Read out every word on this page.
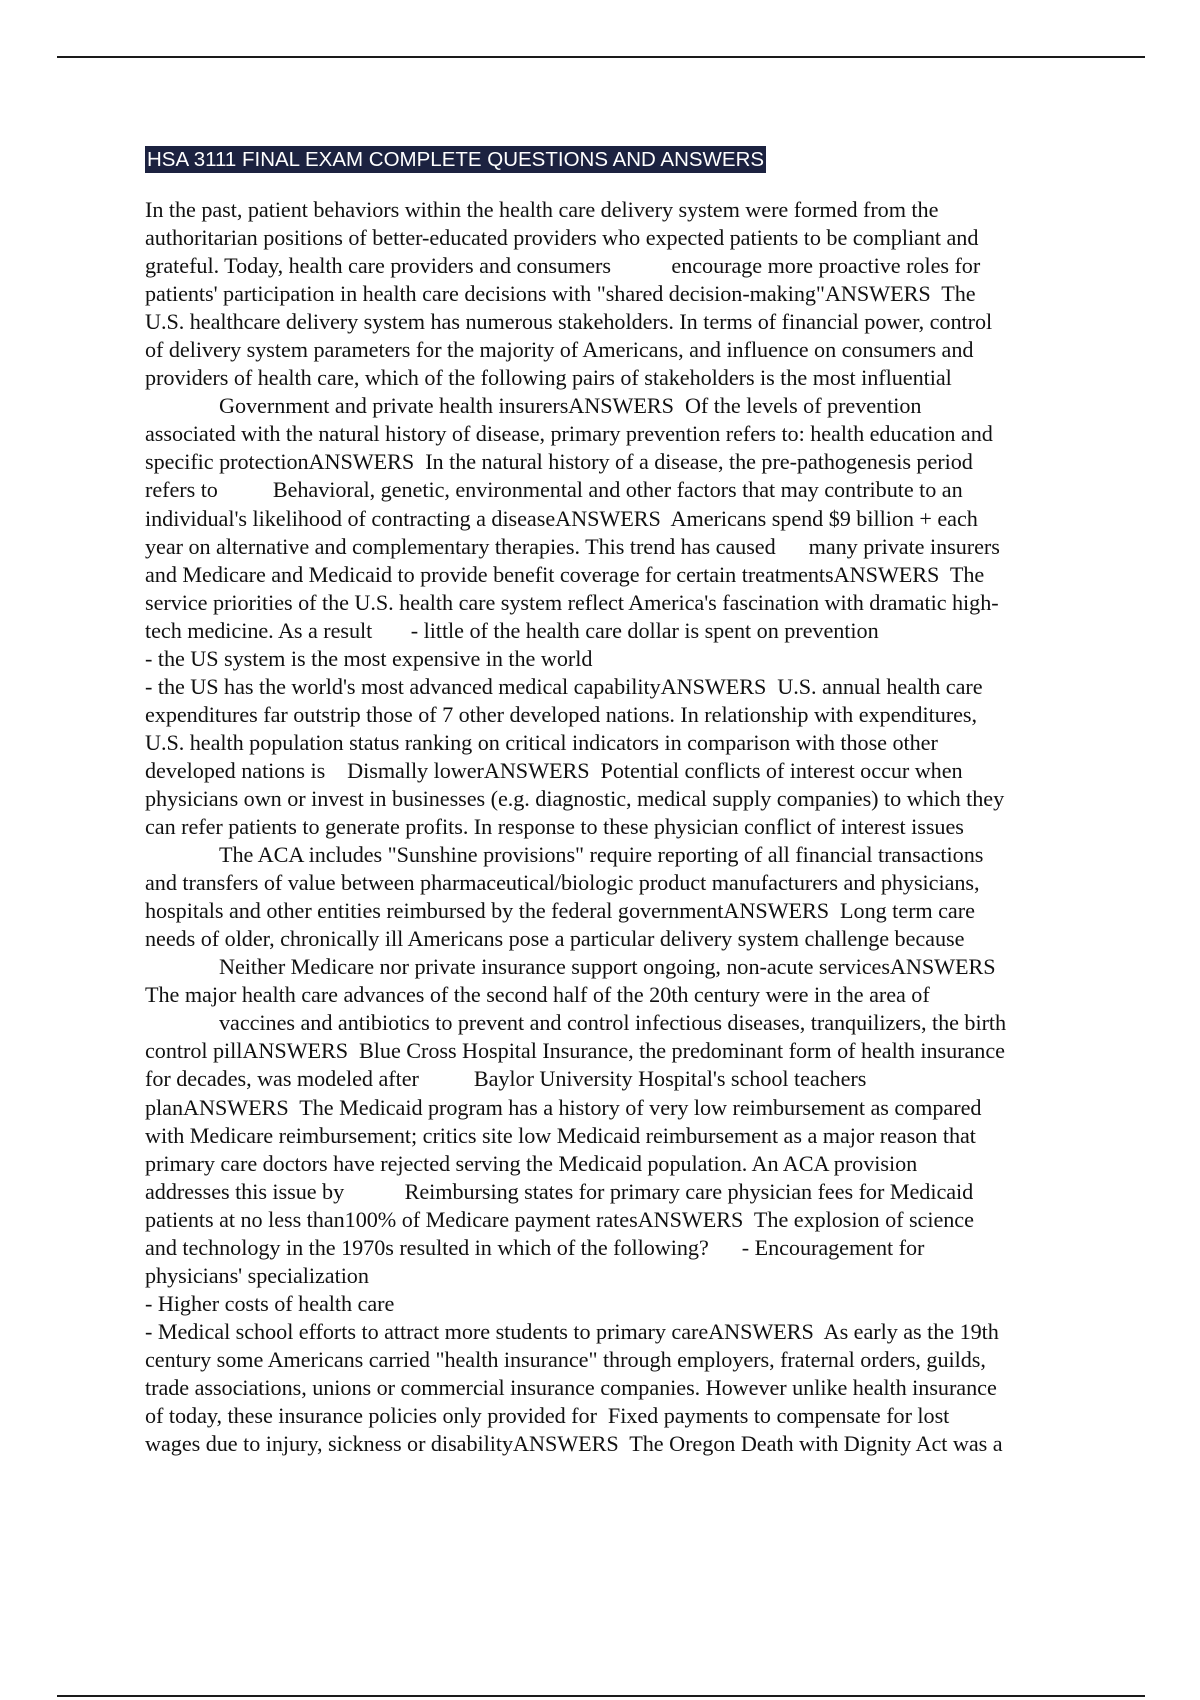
HSA 3111 FINAL EXAM COMPLETE QUESTIONS AND ANSWERS
In the past, patient behaviors within the health care delivery system were formed from the
authoritarian positions of better-educated providers who expected patients to be compliant and
grateful. Today, health care providers and consumers           encourage more proactive roles for
patients' participation in health care decisions with "shared decision-making"ANSWERS  The
U.S. healthcare delivery system has numerous stakeholders. In terms of financial power, control
of delivery system parameters for the majority of Americans, and influence on consumers and
providers of health care, which of the following pairs of stakeholders is the most influential
Government and private health insurersANSWERS  Of the levels of prevention
associated with the natural history of disease, primary prevention refers to: health education and
specific protectionANSWERS  In the natural history of a disease, the pre-pathogenesis period
refers to          Behavioral, genetic, environmental and other factors that may contribute to an
individual's likelihood of contracting a diseaseANSWERS  Americans spend $9 billion + each
year on alternative and complementary therapies. This trend has caused      many private insurers
and Medicare and Medicaid to provide benefit coverage for certain treatmentsANSWERS  The
service priorities of the U.S. health care system reflect America's fascination with dramatic high-
tech medicine. As a result       - little of the health care dollar is spent on prevention
- the US system is the most expensive in the world
- the US has the world's most advanced medical capabilityANSWERS  U.S. annual health care
expenditures far outstrip those of 7 other developed nations. In relationship with expenditures,
U.S. health population status ranking on critical indicators in comparison with those other
developed nations is    Dismally lowerANSWERS  Potential conflicts of interest occur when
physicians own or invest in businesses (e.g. diagnostic, medical supply companies) to which they
can refer patients to generate profits. In response to these physician conflict of interest issues
The ACA includes "Sunshine provisions" require reporting of all financial transactions
and transfers of value between pharmaceutical/biologic product manufacturers and physicians,
hospitals and other entities reimbursed by the federal governmentANSWERS  Long term care
needs of older, chronically ill Americans pose a particular delivery system challenge because
Neither Medicare nor private insurance support ongoing, non-acute servicesANSWERS
The major health care advances of the second half of the 20th century were in the area of
vaccines and antibiotics to prevent and control infectious diseases, tranquilizers, the birth
control pillANSWERS  Blue Cross Hospital Insurance, the predominant form of health insurance
for decades, was modeled after          Baylor University Hospital's school teachers
planANSWERS  The Medicaid program has a history of very low reimbursement as compared
with Medicare reimbursement; critics site low Medicaid reimbursement as a major reason that
primary care doctors have rejected serving the Medicaid population. An ACA provision
addresses this issue by           Reimbursing states for primary care physician fees for Medicaid
patients at no less than100% of Medicare payment ratesANSWERS  The explosion of science
and technology in the 1970s resulted in which of the following?      - Encouragement for
physicians' specialization
- Higher costs of health care
- Medical school efforts to attract more students to primary careANSWERS  As early as the 19th
century some Americans carried "health insurance" through employers, fraternal orders, guilds,
trade associations, unions or commercial insurance companies. However unlike health insurance
of today, these insurance policies only provided for  Fixed payments to compensate for lost
wages due to injury, sickness or disabilityANSWERS  The Oregon Death with Dignity Act was a
